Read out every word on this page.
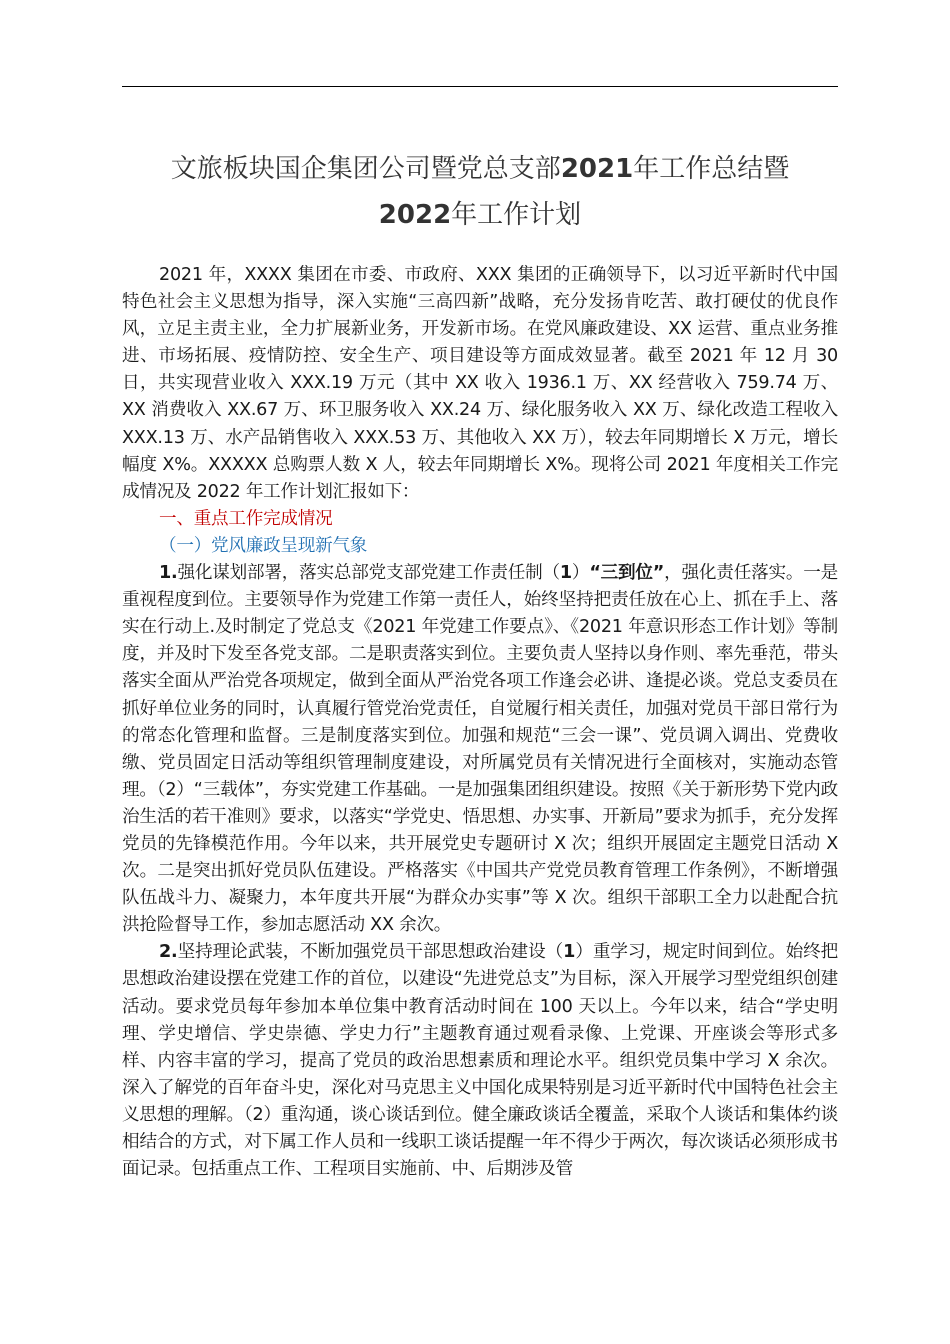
文旅板块国企集团公司暨党总支部2021年工作总结暨
2022年工作计划

2021 年，XXXX 集团在市委、市政府、XXX 集团的正确领导下，以习近平新时代中国特色社会主义思想为指导，深入实施“三高四新”战略，充分发扬肯吃苦、敢打硬仗的优良作风，立足主责主业，全力扩展新业务，开发新市场。在党风廉政建设、XX 运营、重点业务推进、市场拓展、疫情防控、安全生产、项目建设等方面成效显著。截至 2021 年 12 月 30 日，共实现营业收入 XXX.19 万元（其中 XX 收入 1936.1 万、XX 经营收入 759.74 万、XX 消费收入 XX.67 万、环卫服务收入 XX.24 万、绿化服务收入 XX 万、绿化改造工程收入 XXX.13 万、水产品销售收入 XXX.53 万、其他收入 XX 万），较去年同期增长 X 万元，增长幅度 X%。XXXXX 总购票人数 X 人，较去年同期增长 X%。现将公司 2021 年度相关工作完成情况及 2022 年工作计划汇报如下：

一、重点工作完成情况

（一）党风廉政呈现新气象

1.强化谋划部署，落实总部党支部党建工作责任制（1）“三到位”，强化责任落实。一是重视程度到位。主要领导作为党建工作第一责任人，始终坚持把责任放在心上、抓在手上、落实在行动上.及时制定了党总支《2021 年党建工作要点》、《2021 年意识形态工作计划》等制度，并及时下发至各党支部。二是职责落实到位。主要负责人坚持以身作则、率先垂范，带头落实全面从严治党各项规定，做到全面从严治党各项工作逢会必讲、逢提必谈。党总支委员在抓好单位业务的同时，认真履行管党治党责任，自觉履行相关责任，加强对党员干部日常行为的常态化管理和监督。三是制度落实到位。加强和规范“三会一课”、党员调入调出、党费收缴、党员固定日活动等组织管理制度建设，对所属党员有关情况进行全面核对，实施动态管理。（2）“三载体”，夯实党建工作基础。一是加强集团组织建设。按照《关于新形势下党内政治生活的若干准则》要求，以落实“学党史、悟思想、办实事、开新局”要求为抓手，充分发挥党员的先锋模范作用。今年以来，共开展党史专题研讨 X 次；组织开展固定主题党日活动 X 次。二是突出抓好党员队伍建设。严格落实《中国共产党党员教育管理工作条例》，不断增强队伍战斗力、凝聚力，本年度共开展“为群众办实事”等 X 次。组织干部职工全力以赴配合抗洪抢险督导工作，参加志愿活动 XX 余次。

2.坚持理论武装，不断加强党员干部思想政治建设（1）重学习，规定时间到位。始终把思想政治建设摆在党建工作的首位，以建设“先进党总支”为目标，深入开展学习型党组织创建活动。要求党员每年参加本单位集中教育活动时间在 100 天以上。今年以来，结合“学史明理、学史增信、学史崇德、学史力行”主题教育通过观看录像、上党课、开座谈会等形式多样、内容丰富的学习，提高了党员的政治思想素质和理论水平。组织党员集中学习 X 余次。深入了解党的百年奋斗史，深化对马克思主义中国化成果特别是习近平新时代中国特色社会主义思想的理解。（2）重沟通，谈心谈话到位。健全廉政谈话全覆盖，采取个人谈话和集体约谈相结合的方式，对下属工作人员和一线职工谈话提醒一年不得少于两次，每次谈话必须形成书面记录。包括重点工作、工程项目实施前、中、后期涉及管
